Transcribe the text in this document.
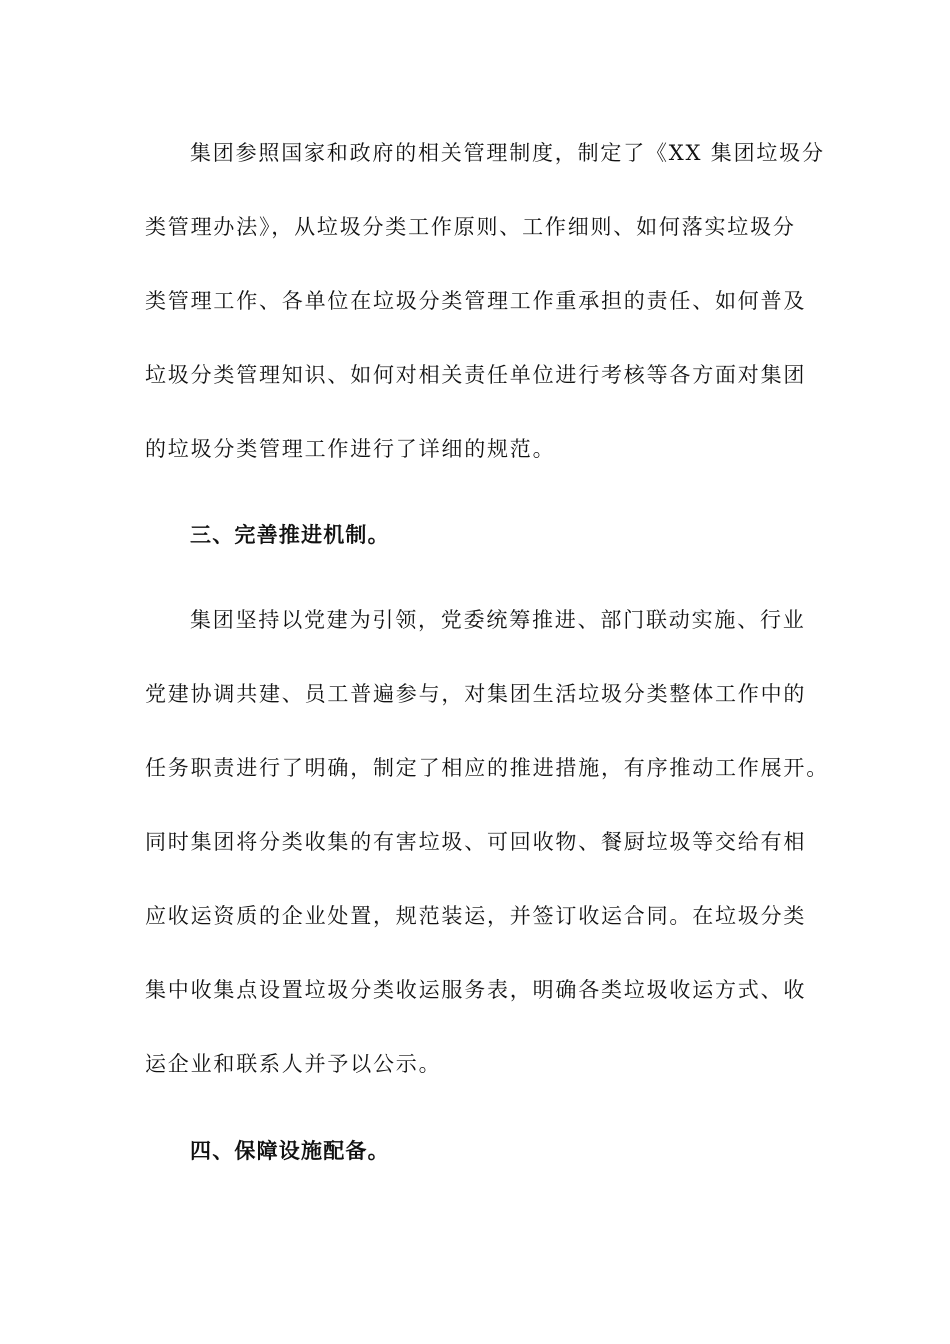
集团参照国家和政府的相关管理制度，制定了《XX 集团垃圾分
类管理办法》，从垃圾分类工作原则、工作细则、如何落实垃圾分
类管理工作、各单位在垃圾分类管理工作重承担的责任、如何普及
垃圾分类管理知识、如何对相关责任单位进行考核等各方面对集团
的垃圾分类管理工作进行了详细的规范。
三、完善推进机制。
集团坚持以党建为引领，党委统筹推进、部门联动实施、行业
党建协调共建、员工普遍参与，对集团生活垃圾分类整体工作中的
任务职责进行了明确，制定了相应的推进措施，有序推动工作展开。
同时集团将分类收集的有害垃圾、可回收物、餐厨垃圾等交给有相
应收运资质的企业处置，规范装运，并签订收运合同。在垃圾分类
集中收集点设置垃圾分类收运服务表，明确各类垃圾收运方式、收
运企业和联系人并予以公示。
四、保障设施配备。
